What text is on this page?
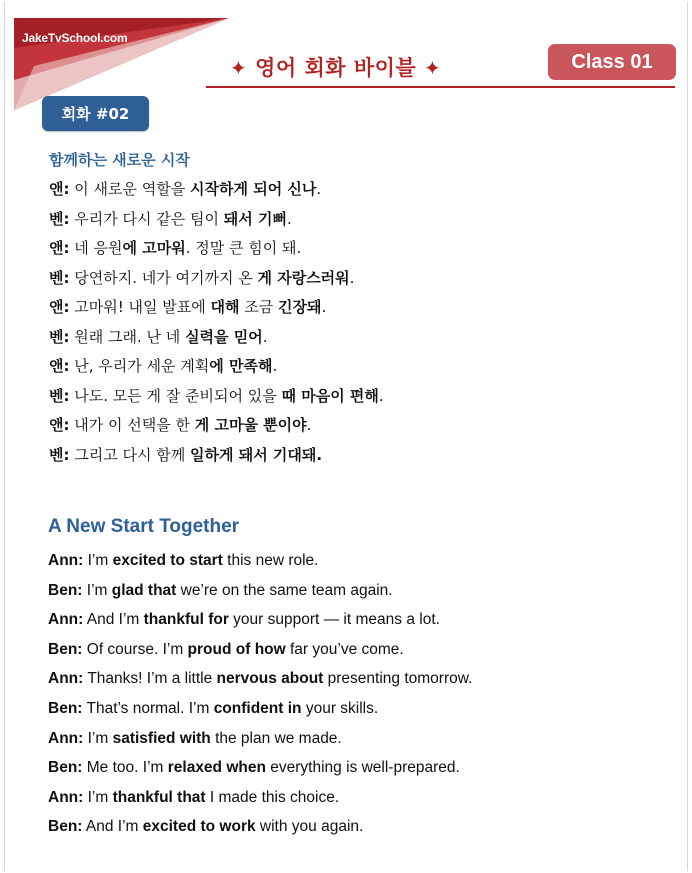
JakeTvSchool.com
✦ 영어 회화 바이블 ✦	Class 01
회화 #02
함께하는 새로운 시작
앤: 이 새로운 역할을 시작하게 되어 신나.
벤: 우리가 다시 같은 팀이 돼서 기뻐.
앤: 네 응원에 고마워. 정말 큰 힘이 돼.
벤: 당연하지. 네가 여기까지 온 게 자랑스러워.
앤: 고마워! 내일 발표에 대해 조금 긴장돼.
벤: 원래 그래. 난 네 실력을 믿어.
앤: 난, 우리가 세운 계획에 만족해.
벤: 나도. 모든 게 잘 준비되어 있을 때 마음이 편해.
앤: 내가 이 선택을 한 게 고마울 뿐이야.
벤: 그리고 다시 함께 일하게 돼서 기대돼.
A New Start Together
Ann: I’m excited to start this new role.
Ben: I’m glad that we’re on the same team again.
Ann: And I’m thankful for your support — it means a lot.
Ben: Of course. I’m proud of how far you’ve come.
Ann: Thanks! I’m a little nervous about presenting tomorrow.
Ben: That’s normal. I’m confident in your skills.
Ann: I’m satisfied with the plan we made.
Ben: Me too. I’m relaxed when everything is well-prepared.
Ann: I’m thankful that I made this choice.
Ben: And I’m excited to work with you again.
